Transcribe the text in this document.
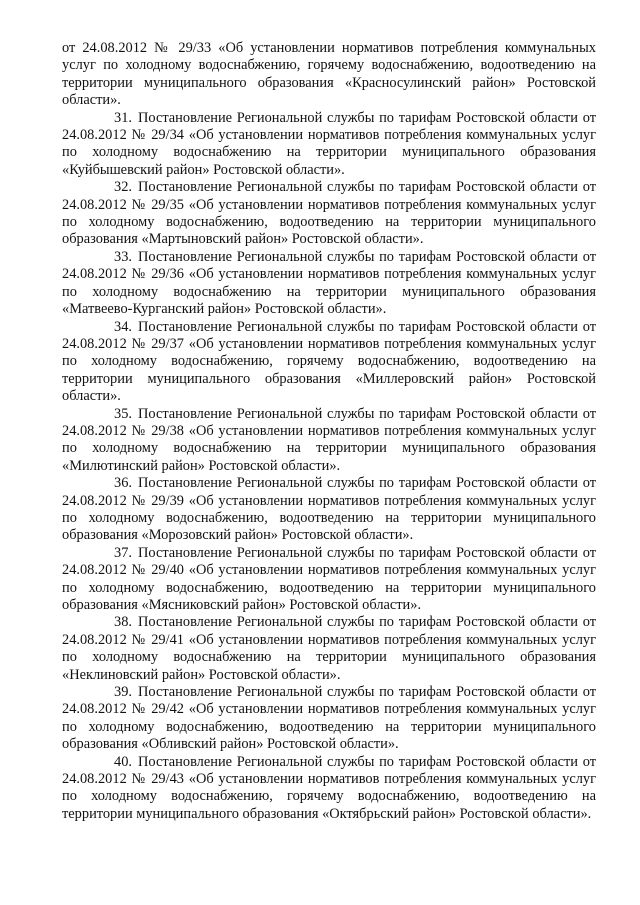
от 24.08.2012 № 29/33 «Об установлении нормативов потребления коммунальных услуг по холодному водоснабжению, горячему водоснабжению, водоотведению на территории муниципального образования «Красносулинский район» Ростовской области».

31. Постановление Региональной службы по тарифам Ростовской области от 24.08.2012 № 29/34 «Об установлении нормативов потребления коммунальных услуг по холодному водоснабжению на территории муниципального образования «Куйбышевский район» Ростовской области».

32. Постановление Региональной службы по тарифам Ростовской области от 24.08.2012 № 29/35 «Об установлении нормативов потребления коммунальных услуг по холодному водоснабжению, водоотведению на территории муниципального образования «Мартыновский район» Ростовской области».

33. Постановление Региональной службы по тарифам Ростовской области от 24.08.2012 № 29/36 «Об установлении нормативов потребления коммунальных услуг по холодному водоснабжению на территории муниципального образования «Матвеево-Курганский район» Ростовской области».

34. Постановление Региональной службы по тарифам Ростовской области от 24.08.2012 № 29/37 «Об установлении нормативов потребления коммунальных услуг по холодному водоснабжению, горячему водоснабжению, водоотведению на территории муниципального образования «Миллеровский район» Ростовской области».

35. Постановление Региональной службы по тарифам Ростовской области от 24.08.2012 № 29/38 «Об установлении нормативов потребления коммунальных услуг по холодному водоснабжению на территории муниципального образования «Милютинский район» Ростовской области».

36. Постановление Региональной службы по тарифам Ростовской области от 24.08.2012 № 29/39 «Об установлении нормативов потребления коммунальных услуг по холодному водоснабжению, водоотведению на территории муниципального образования «Морозовский район» Ростовской области».

37. Постановление Региональной службы по тарифам Ростовской области от 24.08.2012 № 29/40 «Об установлении нормативов потребления коммунальных услуг по холодному водоснабжению, водоотведению на территории муниципального образования «Мясниковский район» Ростовской области».

38. Постановление Региональной службы по тарифам Ростовской области от 24.08.2012 № 29/41 «Об установлении нормативов потребления коммунальных услуг по холодному водоснабжению на территории муниципального образования «Неклиновский район» Ростовской области».

39. Постановление Региональной службы по тарифам Ростовской области от 24.08.2012 № 29/42 «Об установлении нормативов потребления коммунальных услуг по холодному водоснабжению, водоотведению на территории муниципального образования «Обливский район» Ростовской области».

40. Постановление Региональной службы по тарифам Ростовской области от 24.08.2012 № 29/43 «Об установлении нормативов потребления коммунальных услуг по холодному водоснабжению, горячему водоснабжению, водоотведению на территории муниципального образования «Октябрьский район» Ростовской области».
